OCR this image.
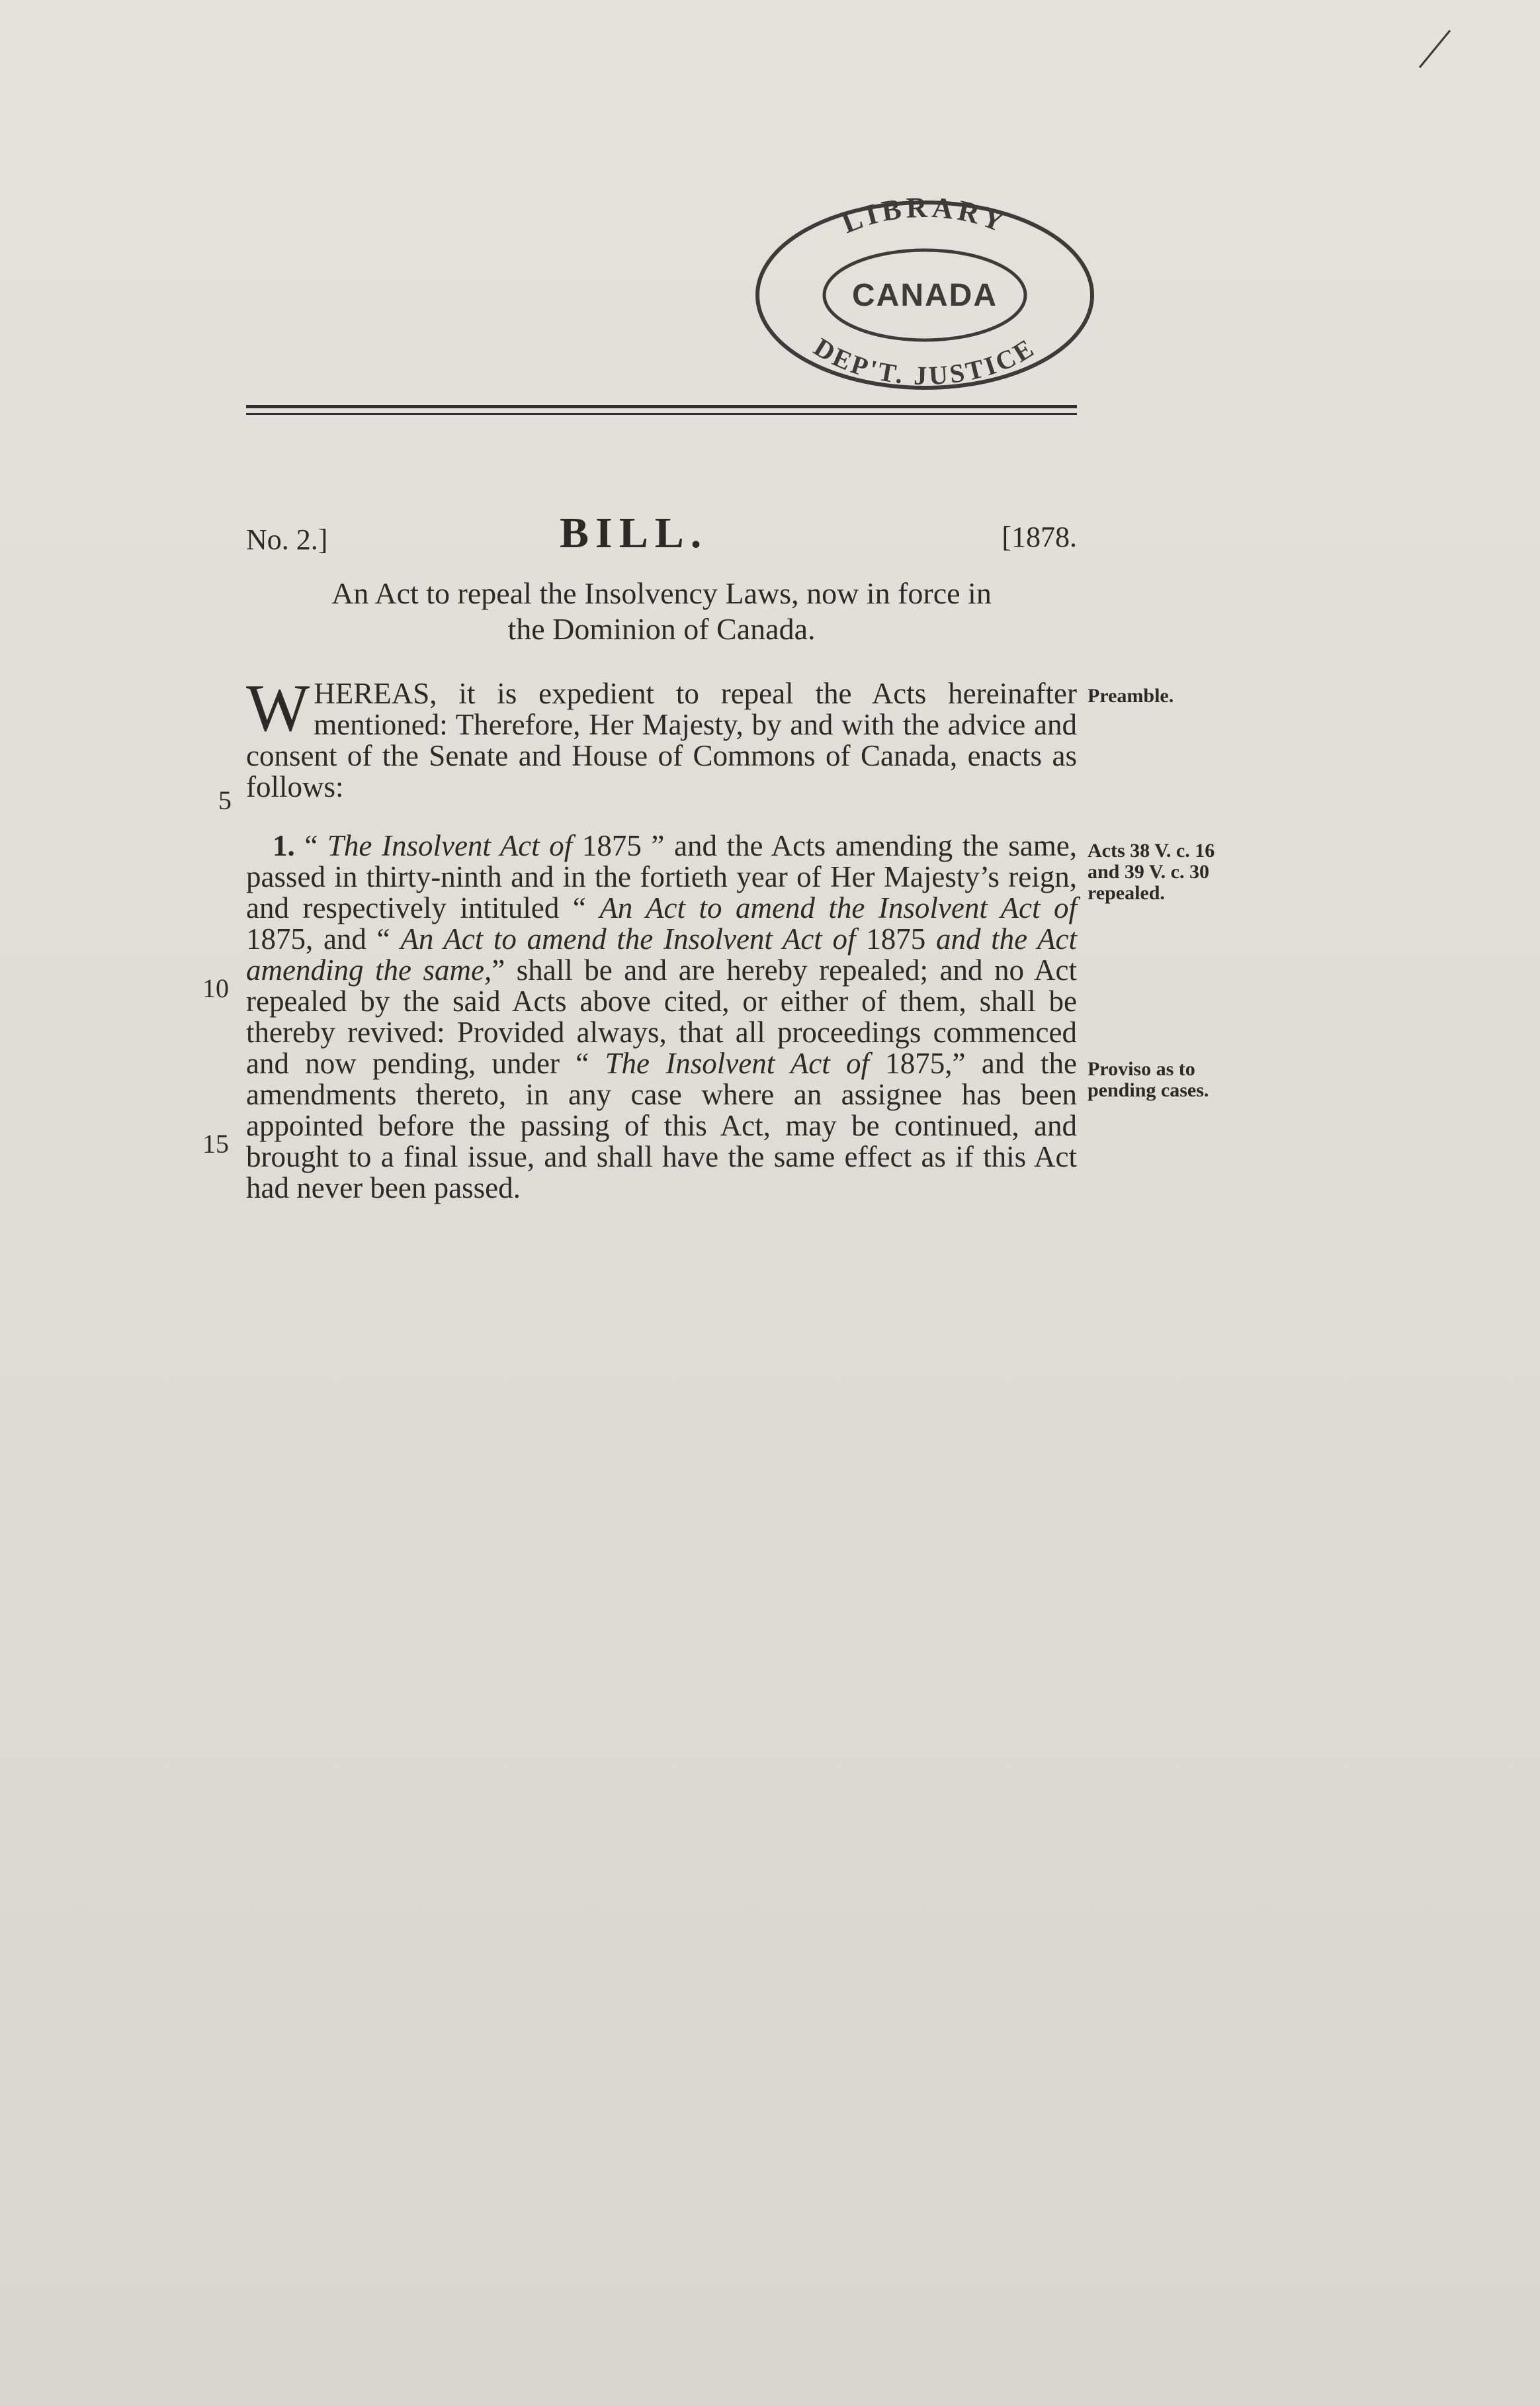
LIBRARY
CANADA
DEP'T. JUSTICE
No. 2.]	BILL.	[1878.
An Act to repeal the Insolvency Laws, now in force in
the Dominion of Canada.
WHEREAS, it is expedient to repeal the Acts hereinafter mentioned: Therefore, Her Majesty, by and with the advice and consent of the Senate and House of Commons of Canada, enacts as follows:
1. “ The Insolvent Act of 1875 ” and the Acts amending the same, passed in thirty-ninth and in the fortieth year of Her Majesty’s reign, and respectively intituled “ An Act to amend the Insolvent Act of 1875, and “ An Act to amend the Insolvent Act of 1875 and the Act amending the same,” shall be and are hereby repealed; and no Act repealed by the said Acts above cited, or either of them, shall be thereby revived: Provided always, that all proceedings commenced and now pending, under “ The Insolvent Act of 1875,” and the amendments thereto, in any case where an assignee has been appointed before the passing of this Act, may be continued, and brought to a final issue, and shall have the same effect as if this Act had never been passed.
5
10
15
Preamble.
Acts 38 V. c. 16 and 39 V. c. 30 repealed.
Proviso as to pending cases.
